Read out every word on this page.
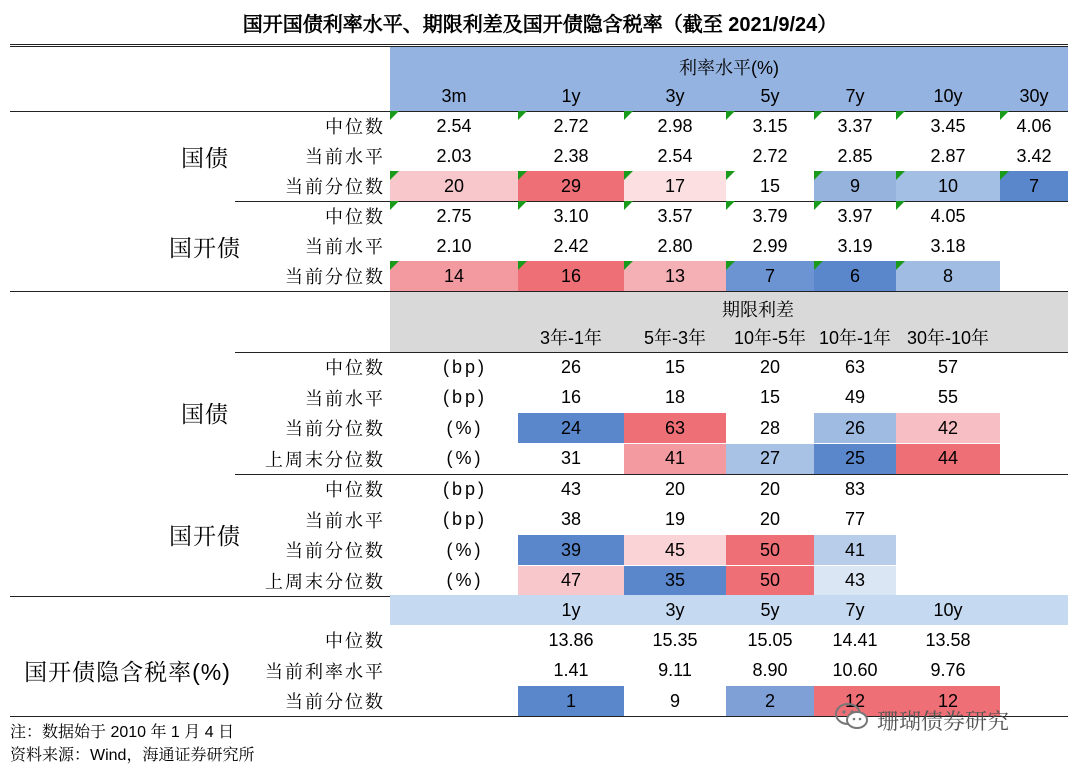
国开国债利率水平、期限利差及国开债隐含税率（截至 2021/9/24）
利率水平(%)
3m	1y	3y	5y	7y	10y	30y
国债
中位数	2.54	2.72	2.98	3.15	3.37	3.45	4.06
当前水平	2.03	2.38	2.54	2.72	2.85	2.87	3.42
当前分位数	20	29	17	15	9	10	7
国开债
中位数	2.75	3.10	3.57	3.79	3.97	4.05
当前水平	2.10	2.42	2.80	2.99	3.19	3.18
当前分位数	14	16	13	7	6	8
期限利差
3年-1年	5年-3年	10年-5年 10年-1年 30年-10年
国债
中位数	(bp)	26	15	20	63	57
当前水平	(bp)	16	18	15	49	55
当前分位数	(%)	24	63	28	26	42
上周末分位数	(%)	31	41	27	25	44
国开债
中位数	(bp)	43	20	20	83
当前水平	(bp)	38	19	20	77
当前分位数	(%)	39	45	50	41
上周末分位数	(%)	47	35	50	43
1y	3y	5y	7y	10y
国开债隐含税率(%)
中位数	13.86	15.35	15.05	14.41	13.58
当前利率水平	1.41	9.11	8.90	10.60	9.76
当前分位数	1	9	2	12	12
注：数据始于 2010 年 1 月 4 日
资料来源：Wind，海通证券研究所
珊瑚债券研究
